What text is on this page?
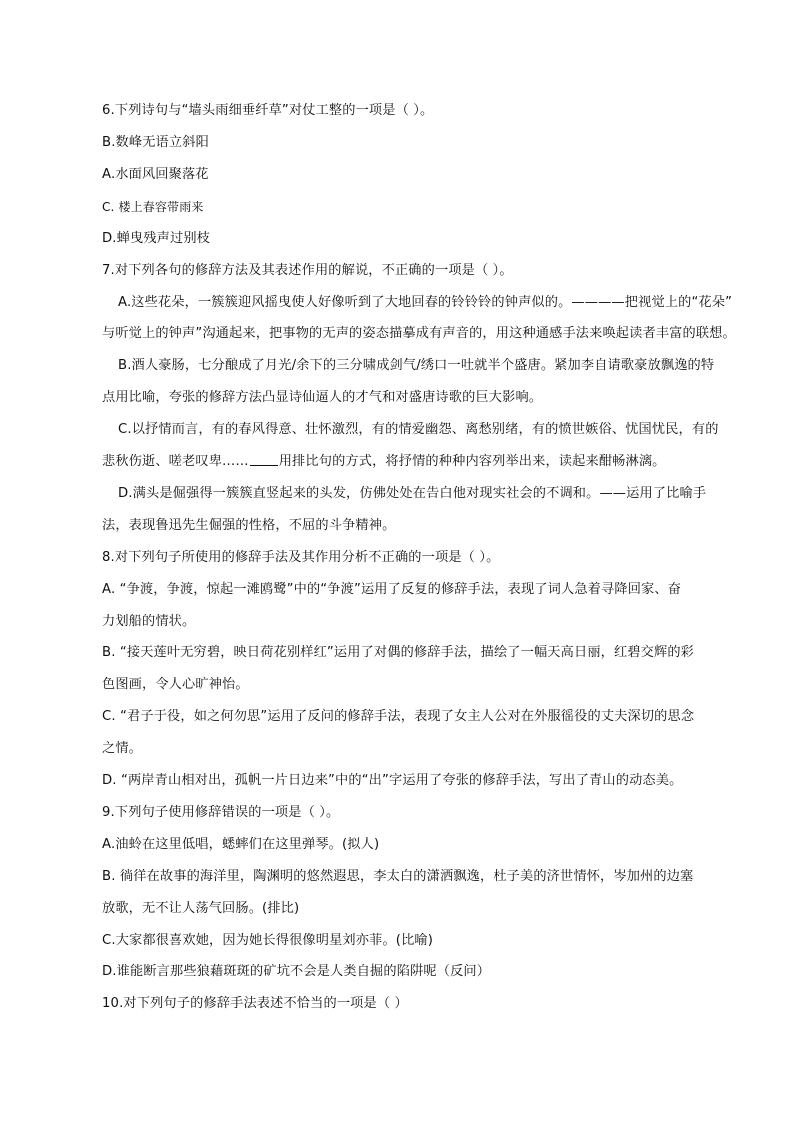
6.下列诗句与“墙头雨细垂纤草”对仗工整的一项是（ ）。
B.数峰无语立斜阳
A.水面风回聚落花
C. 楼上春容带雨来
D.蝉曳残声过别枝
7.对下列各句的修辞方法及其表述作用的解说，不正确的一项是（ ）。
A.这些花朵，一簇簇迎风摇曳使人好像听到了大地回春的铃铃铃的钟声似的。————把视觉上的“花朵”
与听觉上的钟声”沟通起来，把事物的无声的姿态描摹成有声音的，用这种通感手法来唤起读者丰富的联想。
B.酒人豪肠，七分酿成了月光/余下的三分啸成剑气/绣口一吐就半个盛唐。紧加李自请歌豪放飘逸的特
点用比喻，夸张的修辞方法凸显诗仙逼人的才气和对盛唐诗歌的巨大影响。
C.以抒情而言，有的春风得意、壮怀激烈，有的情爱幽怨、离愁别绪，有的愤世嫉俗、忧国忧民，有的
悲秋伤逝、嗟老叹卑…… 用排比句的方式，将抒情的种种内容列举出来，读起来酣畅淋漓。
D.满头是倔强得一簇簇直竖起来的头发，仿佛处处在告白他对现实社会的不调和。——运用了比喻手
法，表现鲁迅先生倔强的性格，不屈的斗争精神。
8.对下列句子所使用的修辞手法及其作用分析不正确的一项是（ ）。
A. “争渡，争渡，惊起一滩鸥鹭”中的“争渡”运用了反复的修辞手法，表现了词人急着寻降回家、奋
力划船的情状。
B. “接天莲叶无穷碧，映日荷花别样红”运用了对偶的修辞手法，描绘了一幅天高日丽，红碧交辉的彩
色图画，令人心旷神怡。
C. “君子于役，如之何勿思”运用了反问的修辞手法，表现了女主人公对在外服徭役的丈夫深切的思念
之情。
D. “两岸青山相对出，孤帆一片日边来”中的“出”字运用了夸张的修辞手法，写出了青山的动态美。
9.下列句子使用修辞错误的一项是（ ）。
A.油蛉在这里低唱，蟋蟀们在这里弹琴。(拟人)
B. 徜徉在故事的海洋里，陶渊明的悠然遐思，李太白的潇洒飘逸，杜子美的济世情怀，岑加州的边塞
放歌，无不让人荡气回肠。(排比)
C.大家都很喜欢她，因为她长得很像明星刘亦菲。(比喻)
D.谁能断言那些狼藉斑斑的矿坑不会是人类自掘的陷阱呢（反问）
10.对下列句子的修辞手法表述不恰当的一项是（ ）
